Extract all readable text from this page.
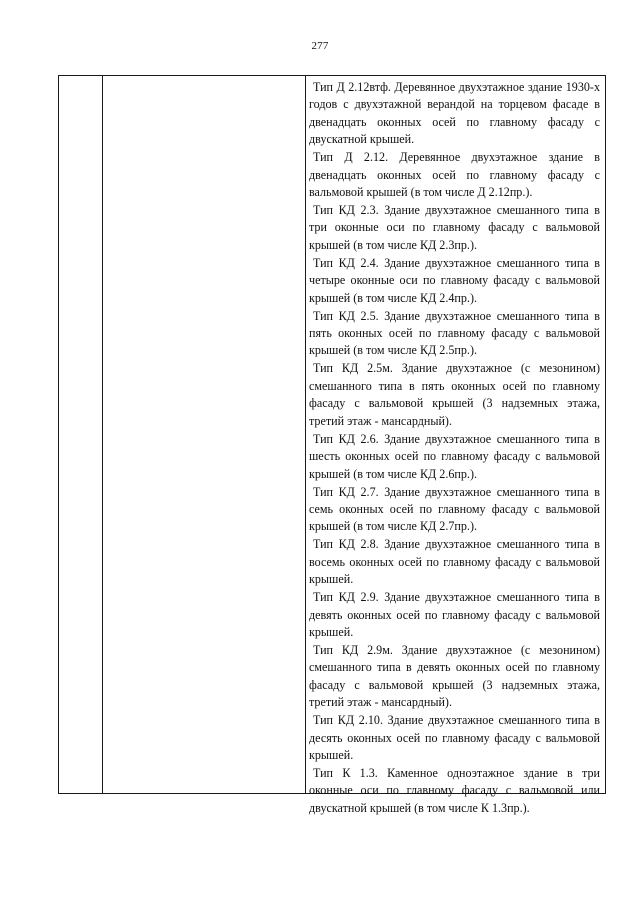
277

Тип Д 2.12втф. Деревянное двухэтажное здание 1930-х годов с двухэтажной верандой на торцевом фасаде в двенадцать оконных осей по главному фасаду с двускатной крышей.

Тип Д 2.12. Деревянное двухэтажное здание в двенадцать оконных осей по главному фасаду с вальмовой крышей (в том числе Д 2.12пр.).

Тип КД 2.3. Здание двухэтажное смешанного типа в три оконные оси по главному фасаду с вальмовой крышей (в том числе КД 2.3пр.).

Тип КД 2.4. Здание двухэтажное смешанного типа в четыре оконные оси по главному фасаду с вальмовой крышей (в том числе КД 2.4пр.).

Тип КД 2.5. Здание двухэтажное смешанного типа в пять оконных осей по главному фасаду с вальмовой крышей (в том числе КД 2.5пр.).

Тип КД 2.5м. Здание двухэтажное (с мезонином) смешанного типа в пять оконных осей по главному фасаду с вальмовой крышей (3 надземных этажа, третий этаж - мансардный).

Тип КД 2.6. Здание двухэтажное смешанного типа в шесть оконных осей по главному фасаду с вальмовой крышей (в том числе КД 2.6пр.).

Тип КД 2.7. Здание двухэтажное смешанного типа в семь оконных осей по главному фасаду с вальмовой крышей (в том числе КД 2.7пр.).

Тип КД 2.8. Здание двухэтажное смешанного типа в восемь оконных осей по главному фасаду с вальмовой крышей.

Тип КД 2.9. Здание двухэтажное смешанного типа в девять оконных осей по главному фасаду с вальмовой крышей.

Тип КД 2.9м. Здание двухэтажное (с мезонином) смешанного типа в девять оконных осей по главному фасаду с вальмовой крышей (3 надземных этажа, третий этаж - мансардный).

Тип КД 2.10. Здание двухэтажное смешанного типа в десять оконных осей по главному фасаду с вальмовой крышей.

Тип К 1.3. Каменное одноэтажное здание в три оконные оси по главному фасаду с вальмовой или двускатной крышей (в том числе К 1.3пр.).
